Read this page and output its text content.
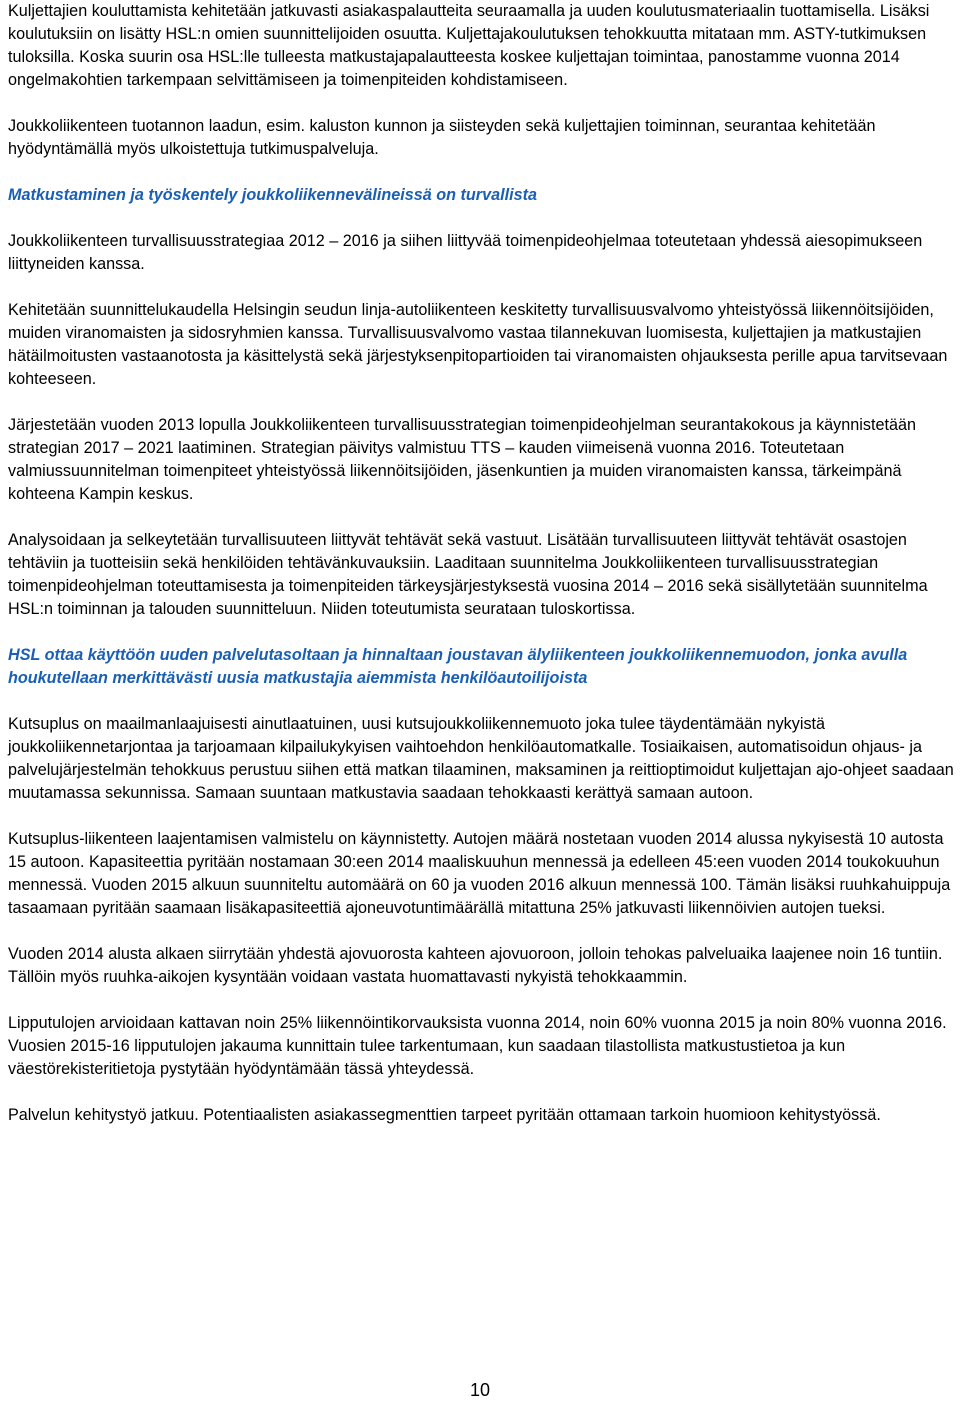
Kuljettajien kouluttamista kehitetään jatkuvasti asiakaspalautteita seuraamalla ja uuden koulutusmateriaalin tuottamisella. Lisäksi koulutuksiin on lisätty HSL:n omien suunnittelijoiden osuutta. Kuljettajakoulutuksen tehokkuutta mitataan mm. ASTY-tutkimuksen tuloksilla. Koska suurin osa HSL:lle tulleesta matkustajapalautteesta koskee kuljettajan toimintaa, panostamme vuonna 2014 ongelmakohtien tarkempaan selvittämiseen ja toimenpiteiden kohdistamiseen.

Joukkoliikenteen tuotannon laadun, esim. kaluston kunnon ja siisteyden sekä kuljettajien toiminnan, seurantaa kehitetään hyödyntämällä myös ulkoistettuja tutkimuspalveluja.

Matkustaminen ja työskentely joukkoliikennevälineissä on turvallista

Joukkoliikenteen turvallisuusstrategiaa 2012 – 2016 ja siihen liittyvää toimenpideohjelmaa toteutetaan yhdessä aiesopimukseen liittyneiden kanssa.

Kehitetään suunnittelukaudella Helsingin seudun linja-autoliikenteen keskitetty turvallisuusvalvomo yhteistyössä liikennöitsijöiden, muiden viranomaisten ja sidosryhmien kanssa. Turvallisuusvalvomo vastaa tilannekuvan luomisesta, kuljettajien ja matkustajien hätäilmoitusten vastaanotosta ja käsittelystä sekä järjestyksenpitopartioiden tai viranomaisten ohjauksesta perille apua tarvitsevaan kohteeseen.

Järjestetään vuoden 2013 lopulla Joukkoliikenteen turvallisuusstrategian toimenpideohjelman seurantakokous ja käynnistetään strategian 2017 – 2021 laatiminen. Strategian päivitys valmistuu TTS – kauden viimeisenä vuonna 2016. Toteutetaan valmiussuunnitelman toimenpiteet yhteistyössä liikennöitsijöiden, jäsenkuntien ja muiden viranomaisten kanssa, tärkeimpänä kohteena Kampin keskus.

Analysoidaan ja selkeytetään turvallisuuteen liittyvät tehtävät sekä vastuut. Lisätään turvallisuuteen liittyvät tehtävät osastojen tehtäviin ja tuotteisiin sekä henkilöiden tehtävänkuvauksiin. Laaditaan suunnitelma Joukkoliikenteen turvallisuusstrategian toimenpideohjelman toteuttamisesta ja toimenpiteiden tärkeysjärjestyksestä vuosina 2014 – 2016 sekä sisällytetään suunnitelma HSL:n toiminnan ja talouden suunnitteluun. Niiden toteutumista seurataan tuloskortissa.

HSL ottaa käyttöön uuden palvelutasoltaan ja hinnaltaan joustavan älyliikenteen joukkoliikennemuodon, jonka avulla houkutellaan merkittävästi uusia matkustajia aiemmista henkilöautoilijoista

Kutsuplus on maailmanlaajuisesti ainutlaatuinen, uusi kutsujoukkoliikennemuoto joka tulee täydentämään nykyistä joukkoliikennetarjontaa ja tarjoamaan kilpailukykyisen vaihtoehdon henkilöautomatkalle. Tosiaikaisen, automatisoidun ohjaus- ja palvelujärjestelmän tehokkuus perustuu siihen että matkan tilaaminen, maksaminen ja reittioptimoidut kuljettajan ajo-ohjeet saadaan muutamassa sekunnissa. Samaan suuntaan matkustavia saadaan tehokkaasti kerättyä samaan autoon.

Kutsuplus-liikenteen laajentamisen valmistelu on käynnistetty. Autojen määrä nostetaan vuoden 2014 alussa nykyisestä 10 autosta 15 autoon. Kapasiteettia pyritään nostamaan 30:een 2014 maaliskuuhun mennessä ja edelleen 45:een vuoden 2014 toukokuuhun mennessä. Vuoden 2015 alkuun suunniteltu automäärä on 60 ja vuoden 2016 alkuun mennessä 100. Tämän lisäksi ruuhkahuippuja tasaamaan pyritään saamaan lisäkapasiteettiä ajoneuvotuntimäärällä mitattuna 25% jatkuvasti liikennöivien autojen tueksi.

Vuoden 2014 alusta alkaen siirrytään yhdestä ajovuorosta kahteen ajovuoroon, jolloin tehokas palveluaika laajenee noin 16 tuntiin. Tällöin myös ruuhka-aikojen kysyntään voidaan vastata huomattavasti nykyistä tehokkaammin.

Lipputulojen arvioidaan kattavan noin 25% liikennöintikorvauksista vuonna 2014, noin 60% vuonna 2015 ja noin 80% vuonna 2016. Vuosien 2015-16 lipputulojen jakauma kunnittain tulee tarkentumaan, kun saadaan tilastollista matkustustietoa ja kun väestörekisteritietoja pystytään hyödyntämään tässä yhteydessä.

Palvelun kehitystyö jatkuu. Potentiaalisten asiakassegmenttien tarpeet pyritään ottamaan tarkoin huomioon kehitystyössä.

10
